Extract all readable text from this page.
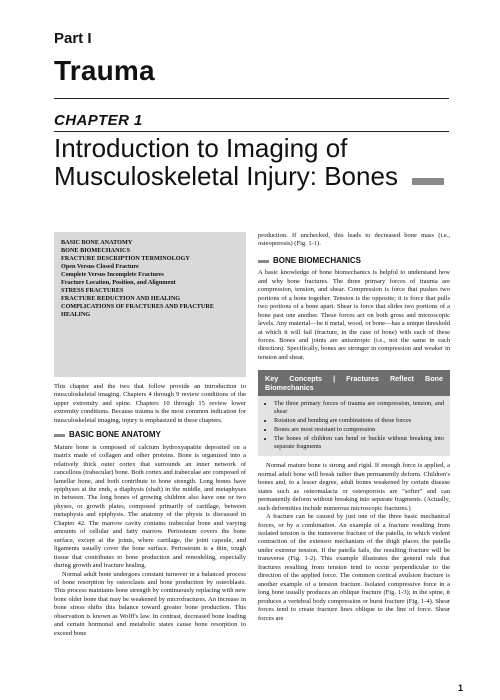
Part I
Trauma
CHAPTER 1
Introduction to Imaging of Musculoskeletal Injury: Bones
BASIC BONE ANATOMY
BONE BIOMECHANICS
FRACTURE DESCRIPTION TERMINOLOGY
Open Versus Closed Fracture
Complete Versus Incomplete Fractures
Fracture Location, Position, and Alignment
STRESS FRACTURES
FRACTURE REDUCTION AND HEALING
COMPLICATIONS OF FRACTURES AND FRACTURE HEALING

This chapter and the two that follow provide an introduction to musculoskeletal imaging. Chapters 4 through 9 review conditions of the upper extremity and spine. Chapters 10 through 15 review lower extremity conditions. Because trauma is the most common indication for musculoskeletal imaging, injury is emphasized in these chapters.

BASIC BONE ANATOMY

Mature bone is composed of calcium hydroxyapatite deposited on a matrix made of collagen and other proteins. Bone is organized into a relatively thick outer cortex that surrounds an inner network of cancellous (trabecular) bone. Both cortex and trabeculae are composed of lamellar bone, and both contribute to bone strength. Long bones have epiphyses at the ends, a diaphysis (shaft) in the middle, and metaphyses in between. The long bones of growing children also have one or two physes, or growth plates, composed primarily of cartilage, between metaphysis and epiphysis. The anatomy of the physis is discussed in Chapter 42. The marrow cavity contains trabecular bone and varying amounts of cellular and fatty marrow. Periosteum covers the bone surface, except at the joints, where cartilage, the joint capsule, and ligaments usually cover the bone surface. Periosteum is a thin, tough tissue that contributes to bone production and remodeling, especially during growth and fracture healing.

Normal adult bone undergoes constant turnover in a balanced process of bone resorption by osteoclasts and bone production by osteoblasts. This process maintains bone strength by continuously replacing with new bone older bone that may be weakened by microfractures. An increase in bone stress shifts this balance toward greater bone production. This observation is known as Wolff's law. In contrast, decreased bone loading and certain hormonal and metabolic states cause bone resorption to exceed bone

production. If unchecked, this leads to decreased bone mass (i.e., osteoporosis) (Fig. 1-1).

BONE BIOMECHANICS

A basic knowledge of bone biomechanics is helpful to understand how and why bone fractures. The three primary forces of trauma are compression, tension, and shear. Compression is force that pushes two portions of a bone together. Tension is the opposite; it is force that pulls two portions of a bone apart. Shear is force that slides two portions of a bone past one another. These forces act on both gross and microscopic levels. Any material—be it metal, wood, or bone—has a unique threshold at which it will fail (fracture, in the case of bone) with each of these forces. Bones and joints are anisotropic (i.e., not the same in each direction). Specifically, bones are stronger in compression and weaker in tension and shear.

Key Concepts | Fractures Reflect Bone Biomechanics
• The three primary forces of trauma are compression, tension, and shear
• Rotation and bending are combinations of these forces
• Bones are most resistant to compression
• The bones of children can bend or buckle without breaking into separate fragments

Normal mature bone is strong and rigid. If enough force is applied, a normal adult bone will break rather than permanently deform. Children's bones and, to a lesser degree, adult bones weakened by certain disease states such as osteomalacia or osteoporosis are "softer" and can permanently deform without breaking into separate fragments. (Actually, such deformities include numerous microscopic fractures.)

A fracture can be caused by just one of the three basic mechanical forces, or by a combination. An example of a fracture resulting from isolated tension is the transverse fracture of the patella, in which violent contraction of the extensor mechanism of the thigh places the patella under extreme tension. If the patella fails, the resulting fracture will be transverse (Fig. 1-2). This example illustrates the general rule that fractures resulting from tension tend to occur perpendicular to the direction of the applied force. The common cortical avulsion fracture is another example of a tension fracture. Isolated compressive force in a long bone usually produces an oblique fracture (Fig. 1-3); in the spine, it produces a vertebral body compression or burst fracture (Fig. 1-4). Shear forces tend to create fracture lines oblique to the line of force. Shear forces are

1
